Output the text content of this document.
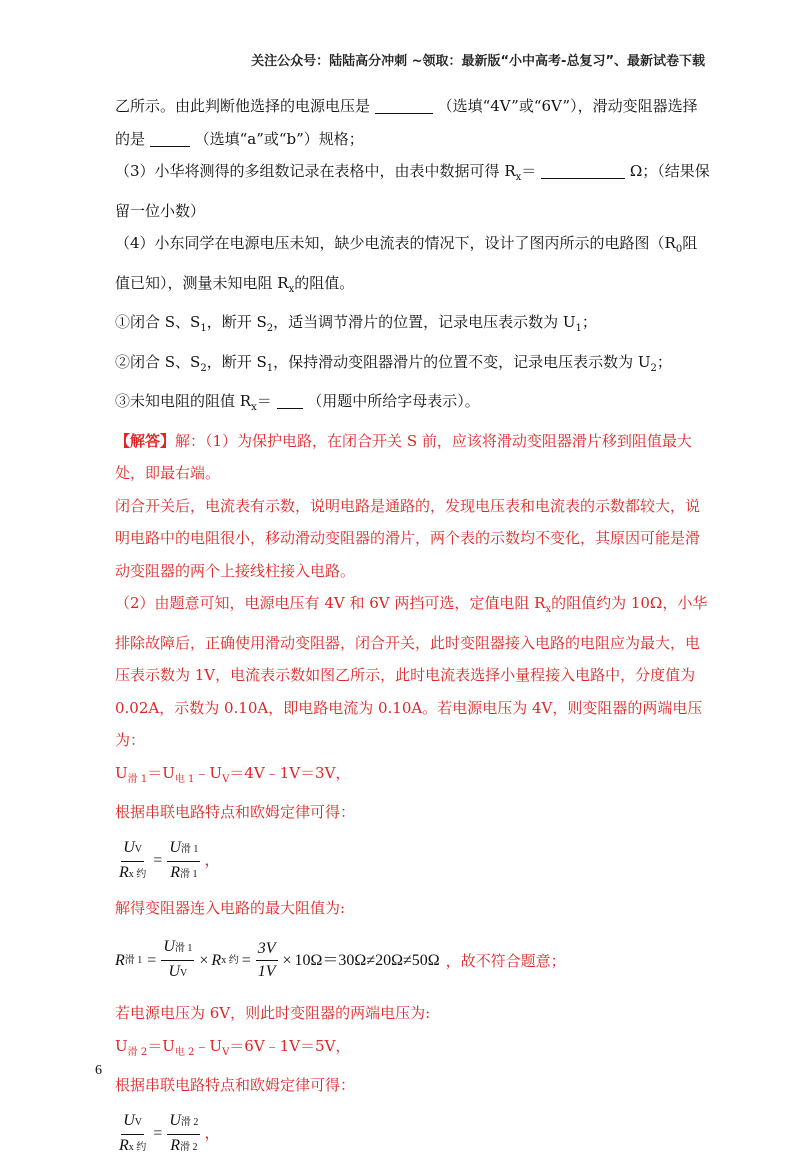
关注公众号：陆陆高分冲刺 ~领取：最新版“小中高考-总复习”、最新试卷下载

乙所示。由此判断他选择的电源电压是	（选填“4V”或“6V”），滑动变阻器选择

的是	（选填“a”或“b”）规格；

（3）小华将测得的多组数记录在表格中，由表中数据可得 $R_x=$	Ω；（结果保留一位小数）

（4）小东同学在电源电压未知，缺少电流表的情况下，设计了图丙所示的电路图（$R_0$阻值已知），测量未知电阻 $R_x$的阻值。

①闭合 S、$S_1$，断开 $S_2$，适当调节滑片的位置，记录电压表示数为 $U_1$；

②闭合 S、$S_2$，断开 $S_1$，保持滑动变阻器滑片的位置不变，记录电压表示数为 $U_2$；

③未知电阻的阻值 $R_x=$ （用题中所给字母表示）。

【解答】解：（1）为保护电路，在闭合开关 S 前，应该将滑动变阻器滑片移到阻值最大处，即最右端。

闭合开关后，电流表有示数，说明电路是通路的，发现电压表和电流表的示数都较大，说明电路中的电阻很小，移动滑动变阻器的滑片，两个表的示数均不变化，其原因可能是滑动变阻器的两个上接线柱接入电路。

（2）由题意可知，电源电压有 4V 和 6V 两挡可选，定值电阻 $R_x$的阻值约为 10Ω，小华排除故障后，正确使用滑动变阻器，闭合开关，此时变阻器接入电路的电阻应为最大，电压表示数为 1V，电流表示数如图乙所示，此时电流表选择小量程接入电路中，分度值为 0.02A，示数为 0.10A，即电路电流为 0.10A。若电源电压为 4V，则变阻器的两端电压为：

$U_{滑 1}=U_{电 1}﹣U_V=4V﹣1V=3V$，

根据串联电路特点和欧姆定律可得：

$\frac{UV}{\text{Rx 约}} = \frac{\text{U滑 1}}{\text{R滑 1}}$ ，

解得变阻器连入电路的最大阻值为:

R 滑 $1 = \frac{\text{U滑 1}}{UV} \times R$ x 约 = $\frac{3V}{1V} \times 10\Omega=30\Omega\ne 20\Omega\ne 50\Omega$ ，故不符合题意；

若电源电压为 6V，则此时变阻器的两端电压为:

$U_{滑 2}=U_{电 2}﹣U_V=6V﹣1V=5V$，

根据串联电路特点和欧姆定律可得：

$\frac{UV}{\text{Rx 约}} = \frac{\text{U滑 2}}{\text{R滑 2}}$ ，
6
